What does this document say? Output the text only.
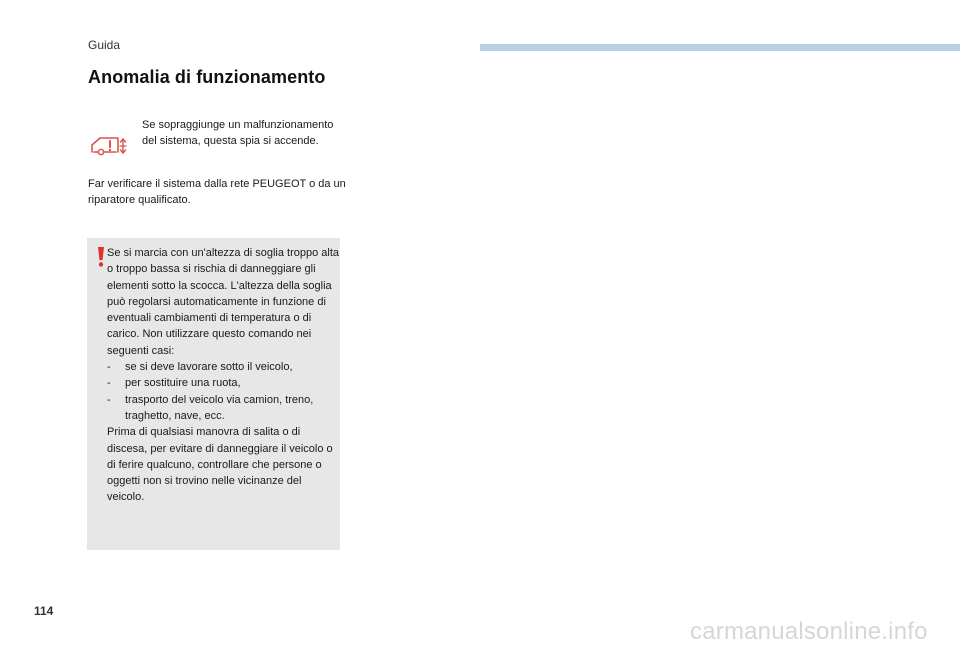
Guida
Anomalia di funzionamento

Se sopraggiunge un malfunzionamento del sistema, questa spia si accende.

Far verificare il sistema dalla rete PEUGEOT o da un riparatore qualificato.

Se si marcia con un'altezza di soglia troppo alta o troppo bassa si rischia di danneggiare gli elementi sotto la scocca. L'altezza della soglia può regolarsi automaticamente in funzione di eventuali cambiamenti di temperatura o di carico. Non utilizzare questo comando nei seguenti casi:

- se si deve lavorare sotto il veicolo,
- per sostituire una ruota,
- trasporto del veicolo via camion, treno, traghetto, nave, ecc.

Prima di qualsiasi manovra di salita o di discesa, per evitare di danneggiare il veicolo o di ferire qualcuno, controllare che persone o oggetti non si trovino nelle vicinanze del veicolo.

114
carmanualsonline.info
